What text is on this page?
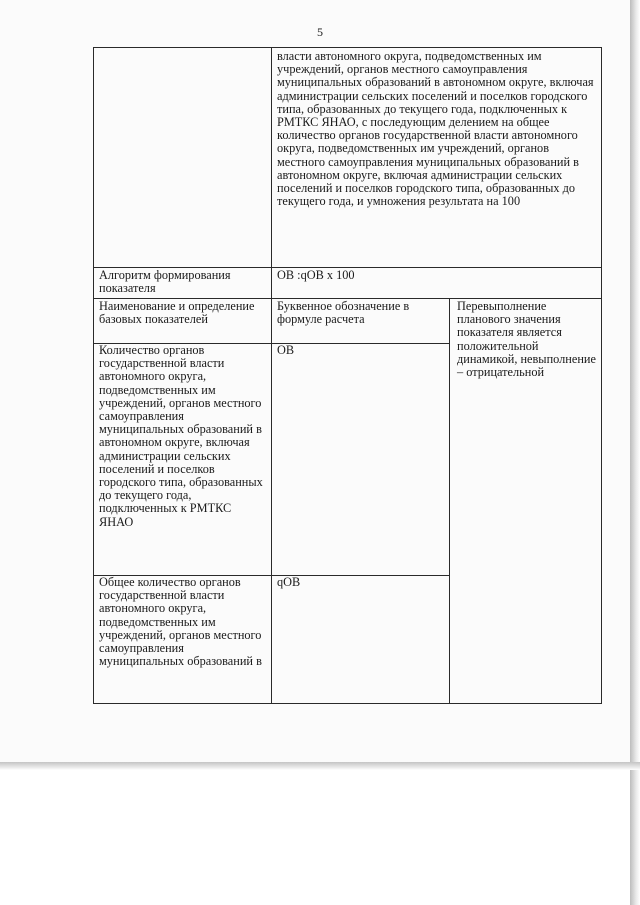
5
власти автономного округа, подведомственных им учреждений, органов местного самоуправления муниципальных образований в автономном округе, включая администрации сельских поселений и поселков городского типа, образованных до текущего года, подключенных к РМТКС ЯНАО, с последующим делением на общее количество органов государственной власти автономного округа, подведомственных им учреждений, органов местного самоуправления муниципальных образований в автономном округе, включая администрации сельских поселений и поселков городского типа, образованных до текущего года, и умножения результата на 100
Алгоритм формирования показателя
ОВ :qОВ х 100
Наименование и определение базовых показателей
Буквенное обозначение в формуле расчета
Перевыполнение планового значения показателя является положительной динамикой, невыполнение – отрицательной
Количество органов государственной власти автономного округа, подведомственных им учреждений, органов местного самоуправления муниципальных образований в автономном округе, включая администрации сельских поселений и поселков городского типа, образованных до текущего года, подключенных к РМТКС ЯНАО
ОВ
Общее количество органов государственной власти автономного округа, подведомственных им учреждений, органов местного самоуправления муниципальных образований в
qОВ
